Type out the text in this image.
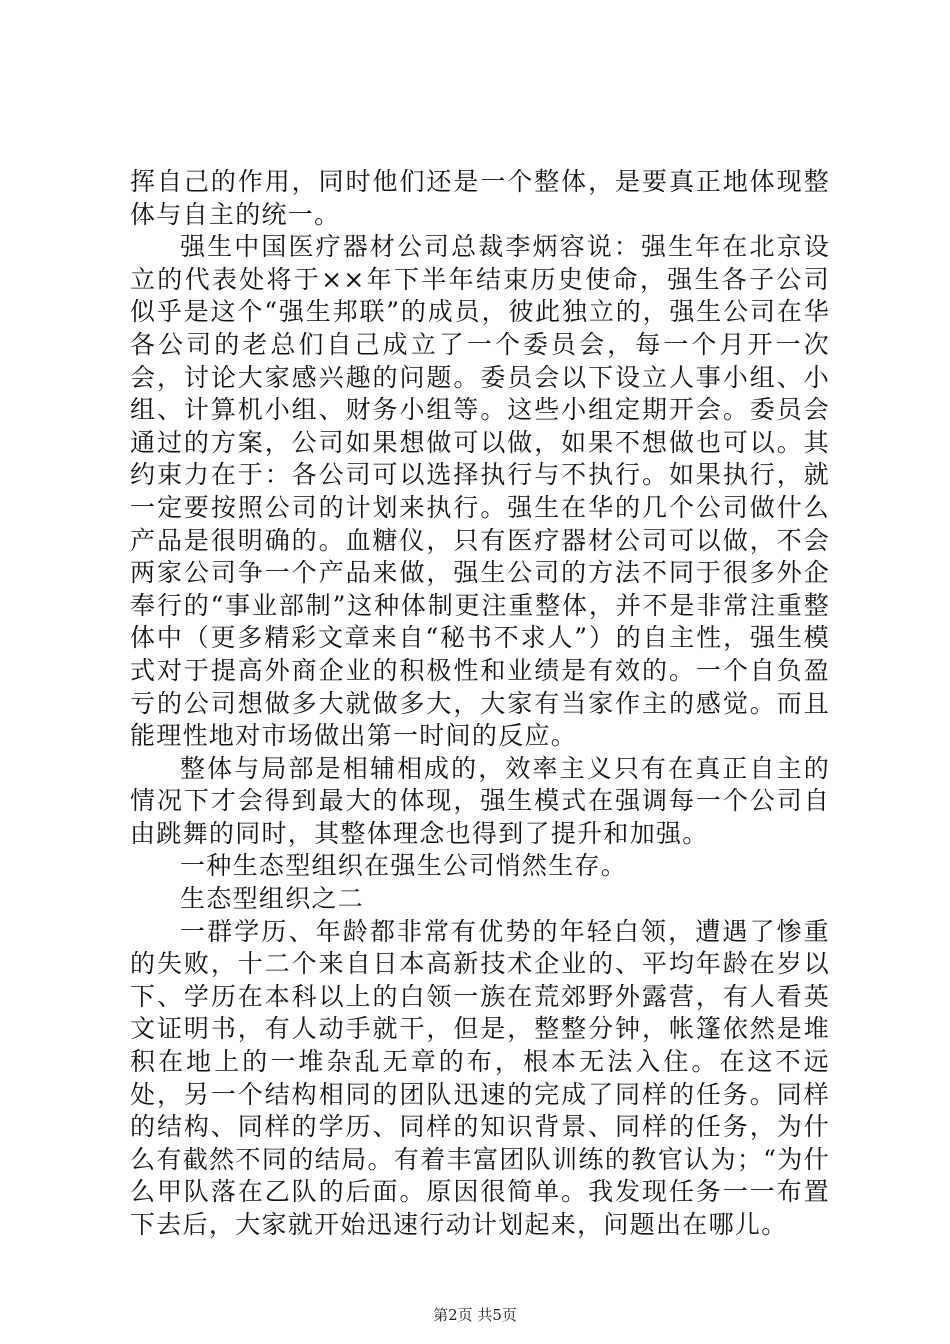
挥自己的作用，同时他们还是一个整体，是要真正地体现整体与自主的统一。

强生中国医疗器材公司总裁李炳容说：强生年在北京设立的代表处将于××年下半年结束历史使命，强生各子公司似乎是这个“强生邦联”的成员，彼此独立的，强生公司在华各公司的老总们自己成立了一个委员会，每一个月开一次会，讨论大家感兴趣的问题。委员会以下设立人事小组、小组、计算机小组、财务小组等。这些小组定期开会。委员会通过的方案，公司如果想做可以做，如果不想做也可以。其约束力在于：各公司可以选择执行与不执行。如果执行，就一定要按照公司的计划来执行。强生在华的几个公司做什么产品是很明确的。血糖仪，只有医疗器材公司可以做，不会两家公司争一个产品来做，强生公司的方法不同于很多外企奉行的“事业部制”这种体制更注重整体，并不是非常注重整体中（更多精彩文章来自“秘书不求人”）的自主性，强生模式对于提高外商企业的积极性和业绩是有效的。一个自负盈亏的公司想做多大就做多大，大家有当家作主的感觉。而且能理性地对市场做出第一时间的反应。

整体与局部是相辅相成的，效率主义只有在真正自主的情况下才会得到最大的体现，强生模式在强调每一个公司自由跳舞的同时，其整体理念也得到了提升和加强。

一种生态型组织在强生公司悄然生存。

生态型组织之二

一群学历、年龄都非常有优势的年轻白领，遭遇了惨重的失败，十二个来自日本高新技术企业的、平均年龄在岁以下、学历在本科以上的白领一族在荒郊野外露营，有人看英文证明书，有人动手就干，但是，整整分钟，帐篷依然是堆积在地上的一堆杂乱无章的布，根本无法入住。在这不远处，另一个结构相同的团队迅速的完成了同样的任务。同样的结构、同样的学历、同样的知识背景、同样的任务，为什么有截然不同的结局。有着丰富团队训练的教官认为；“为什么甲队落在乙队的后面。原因很简单。我发现任务一一布置下去后，大家就开始迅速行动计划起来，问题出在哪儿。

第2页 共5页
